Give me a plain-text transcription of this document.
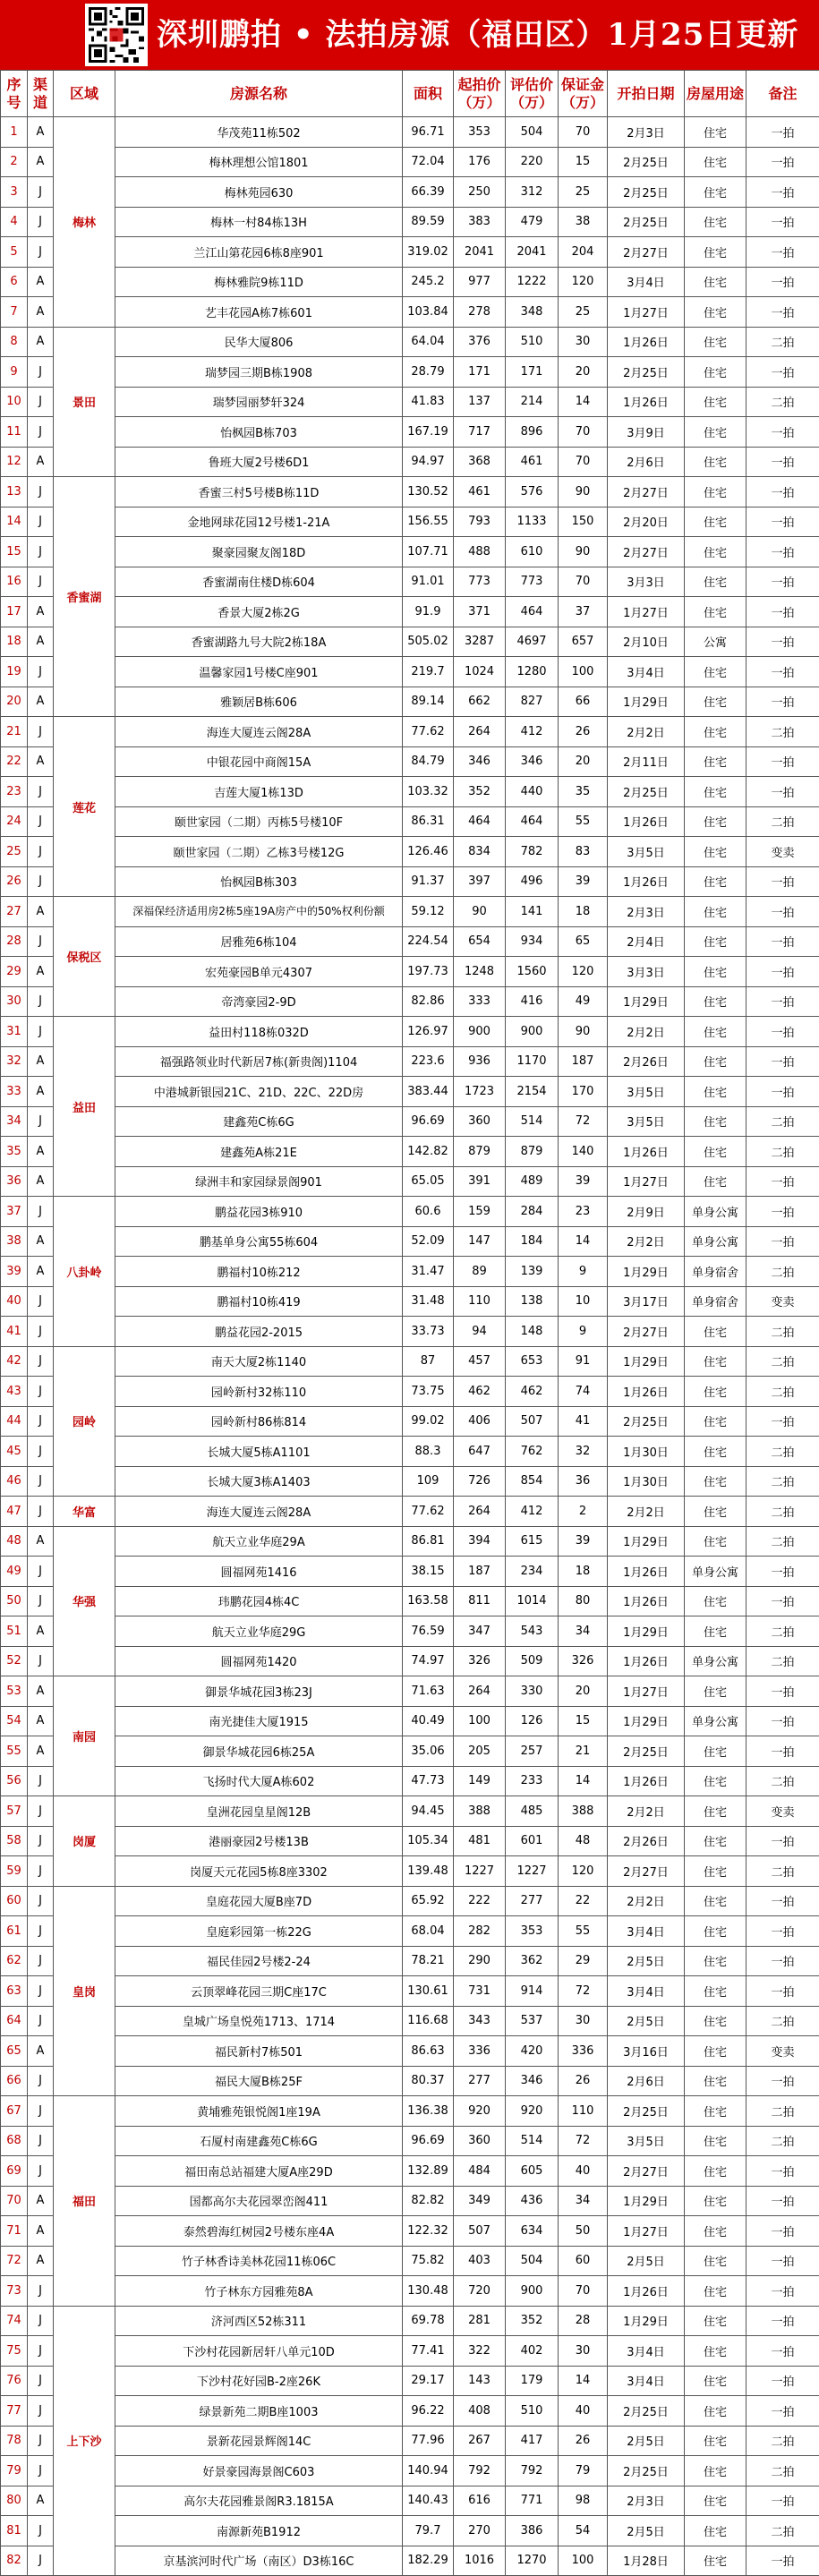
深圳鹏拍 • 法拍房源（福田区）1月25日更新
序号	渠道	区域	房源名称	面积	起拍价（万）	评估价（万）	保证金（万）	开拍日期	房屋用途	备注
1	A	梅林	华茂苑11栋502	96.71	353	504	70	2月3日	住宅	一拍
2	A		梅林理想公馆1801	72.04	176	220	15	2月25日	住宅	一拍
3	J		梅林苑园630	66.39	250	312	25	2月25日	住宅	一拍
4	J		梅林一村84栋13H	89.59	383	479	38	2月25日	住宅	一拍
5	J		兰江山第花园6栋8座901	319.02	2041	2041	204	2月27日	住宅	一拍
6	A		梅林雅院9栋11D	245.2	977	1222	120	3月4日	住宅	一拍
7	A		艺丰花园A栋7栋601	103.84	278	348	25	1月27日	住宅	一拍
8	A	景田	民华大厦806	64.04	376	510	30	1月26日	住宅	二拍
9	J		瑞梦园三期B栋1908	28.79	171	171	20	2月25日	住宅	一拍
10	J		瑞梦园丽梦轩324	41.83	137	214	14	1月26日	住宅	二拍
11	J		怡枫园B栋703	167.19	717	896	70	3月9日	住宅	一拍
12	A		鲁班大厦2号楼6D1	94.97	368	461	70	2月6日	住宅	一拍
13	J	香蜜湖	香蜜三村5号楼B栋11D	130.52	461	576	90	2月27日	住宅	一拍
14	J		金地网球花园12号楼1-21A	156.55	793	1133	150	2月20日	住宅	一拍
15	J		聚豪园聚友阁18D	107.71	488	610	90	2月27日	住宅	一拍
16	J		香蜜湖南住楼D栋604	91.01	773	773	70	3月3日	住宅	一拍
17	A		香景大厦2栋2G	91.9	371	464	37	1月27日	住宅	一拍
18	A		香蜜湖路九号大院2栋18A	505.02	3287	4697	657	2月10日	公寓	一拍
19	J		温馨家园1号楼C座901	219.7	1024	1280	100	3月4日	住宅	一拍
20	A		雅颖居B栋606	89.14	662	827	66	1月29日	住宅	一拍
21	J	莲花	海连大厦连云阁28A	77.62	264	412	26	2月2日	住宅	二拍
22	A		中银花园中商阁15A	84.79	346	346	20	2月11日	住宅	一拍
23	J		吉莲大厦1栋13D	103.32	352	440	35	2月25日	住宅	一拍
24	J		颐世家园（二期）丙栋5号楼10F	86.31	464	464	55	1月26日	住宅	二拍
25	J		颐世家园（二期）乙栋3号楼12G	126.46	834	782	83	3月5日	住宅	变卖
26	J		怡枫园B栋303	91.37	397	496	39	1月26日	住宅	一拍
27	A	保税区	深福保经济适用房2栋5座19A房产中的50%权利份额	59.12	90	141	18	2月3日	住宅	一拍
28	J		居雅苑6栋104	224.54	654	934	65	2月4日	住宅	一拍
29	A		宏苑豪园B单元4307	197.73	1248	1560	120	3月3日	住宅	一拍
30	J		帝湾豪园2-9D	82.86	333	416	49	1月29日	住宅	一拍
31	J	益田	益田村118栋032D	126.97	900	900	90	2月2日	住宅	一拍
32	A		福强路领业时代新居7栋(新贵阁)1104	223.6	936	1170	187	2月26日	住宅	一拍
33	A		中港城新银园21C、21D、22C、22D房	383.44	1723	2154	170	3月5日	住宅	一拍
34	J		建鑫苑C栋6G	96.69	360	514	72	3月5日	住宅	二拍
35	A		建鑫苑A栋21E	142.82	879	879	140	1月26日	住宅	二拍
36	A		绿洲丰和家园绿景阁901	65.05	391	489	39	1月27日	住宅	一拍
37	J	八卦岭	鹏益花园3栋910	60.6	159	284	23	2月9日	单身公寓	一拍
38	A		鹏基单身公寓55栋604	52.09	147	184	14	2月2日	单身公寓	一拍
39	A		鹏福村10栋212	31.47	89	139	9	1月29日	单身宿舍	二拍
40	J		鹏福村10栋419	31.48	110	138	10	3月17日	单身宿舍	变卖
41	J		鹏益花园2-2015	33.73	94	148	9	2月27日	住宅	二拍
42	J	园岭	南天大厦2栋1140	87	457	653	91	1月29日	住宅	二拍
43	J		园岭新村32栋110	73.75	462	462	74	1月26日	住宅	二拍
44	J		园岭新村86栋814	99.02	406	507	41	2月25日	住宅	一拍
45	J		长城大厦5栋A1101	88.3	647	762	32	1月30日	住宅	二拍
46	J		长城大厦3栋A1403	109	726	854	36	1月30日	住宅	二拍
47	J	华富	海连大厦连云阁28A	77.62	264	412	2	2月2日	住宅	二拍
48	A	华强	航天立业华庭29A	86.81	394	615	39	1月29日	住宅	二拍
49	J		圆福网苑1416	38.15	187	234	18	1月26日	单身公寓	一拍
50	J		玮鹏花园4栋4C	163.58	811	1014	80	1月26日	住宅	一拍
51	A		航天立业华庭29G	76.59	347	543	34	1月29日	住宅	二拍
52	J		圆福网苑1420	74.97	326	509	326	1月26日	单身公寓	二拍
53	A	南园	御景华城花园3栋23J	71.63	264	330	20	1月27日	住宅	一拍
54	A		南光捷佳大厦1915	40.49	100	126	15	1月29日	单身公寓	一拍
55	A		御景华城花园6栋25A	35.06	205	257	21	2月25日	住宅	一拍
56	J		飞扬时代大厦A栋602	47.73	149	233	14	1月26日	住宅	二拍
57	J	岗厦	皇洲花园皇星阁12B	94.45	388	485	388	2月2日	住宅	变卖
58	J		港丽豪园2号楼13B	105.34	481	601	48	2月26日	住宅	一拍
59	J		岗厦天元花园5栋8座3302	139.48	1227	1227	120	2月27日	住宅	二拍
60	J	皇岗	皇庭花园大厦B座7D	65.92	222	277	22	2月2日	住宅	一拍
61	J		皇庭彩园第一栋22G	68.04	282	353	55	3月4日	住宅	一拍
62	J		福民佳园2号楼2-24	78.21	290	362	29	2月5日	住宅	一拍
63	J		云顶翠峰花园三期C座17C	130.61	731	914	72	3月4日	住宅	一拍
64	J		皇城广场皇悦苑1713、1714	116.68	343	537	30	2月5日	住宅	二拍
65	A		福民新村7栋501	86.63	336	420	336	3月16日	住宅	变卖
66	J		福民大厦B栋25F	80.37	277	346	26	2月6日	住宅	一拍
67	J	福田	黄埔雅苑银悦阁1座19A	136.38	920	920	110	2月25日	住宅	二拍
68	J		石厦村南建鑫苑C栋6G	96.69	360	514	72	3月5日	住宅	二拍
69	J		福田南总站福建大厦A座29D	132.89	484	605	40	2月27日	住宅	一拍
70	A		国都高尔夫花园翠峦阁411	82.82	349	436	34	1月29日	住宅	一拍
71	A		泰然碧海红树园2号楼东座4A	122.32	507	634	50	1月27日	住宅	一拍
72	A		竹子林香诗美林花园11栋06C	75.82	403	504	60	2月5日	住宅	一拍
73	J		竹子林东方园雅苑8A	130.48	720	900	70	1月26日	住宅	一拍
74	J	上下沙	济河西区52栋311	69.78	281	352	28	1月29日	住宅	一拍
75	J		下沙村花园新居轩八单元10D	77.41	322	402	30	3月4日	住宅	一拍
76	J		下沙村花好园B-2座26K	29.17	143	179	14	3月4日	住宅	一拍
77	J		绿景新苑二期B座1003	96.22	408	510	40	2月25日	住宅	一拍
78	J		景新花园景辉阁14C	77.96	267	417	26	2月5日	住宅	二拍
79	J		好景豪园海景阁C603	140.94	792	792	79	2月25日	住宅	二拍
80	A		高尔夫花园雅景阁R3.1815A	140.43	616	771	98	2月3日	住宅	一拍
81	J		南源新苑B1912	79.7	270	386	54	2月5日	住宅	二拍
82	J		京基滨河时代广场（南区）D3栋16C	182.29	1016	1270	100	1月28日	住宅	一拍
